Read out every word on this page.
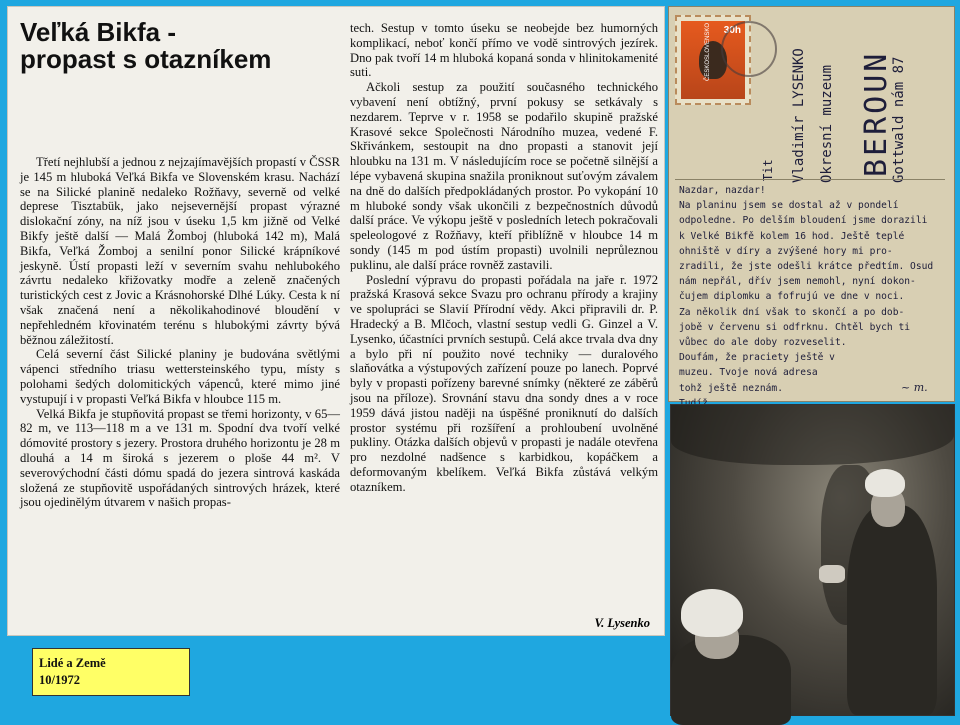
Veľká Bikfa -
propast s otazníkem

Třetí nejhlubší a jednou z nejzajímavějších propastí v ČSSR je 145 m hluboká Veľká Bikfa ve Slovenském krasu. Nachází se na Silické planině nedaleko Rožňavy, severně od velké deprese Tisztabük, jako nejsevernější propast výrazné dislokační zóny, na níž jsou v úseku 1,5 km jižně od Velké Bikfy ještě další — Malá Žomboj (hluboká 142 m), Malá Bikfa, Veľká Žomboj a senilní ponor Silické krápníkové jeskyně. Ústí propasti leží v severním svahu nehlubokého závrtu nedaleko křižovatky modře a zeleně značených turistických cest z Jovic a Krásnohorské Dlhé Lúky. Cesta k ní však značená není a několikahodinové bloudění v nepřehledném křovinatém terénu s hlubokými závrty bývá běžnou záležitostí.

Celá severní část Silické planiny je budována světlými vápenci středního triasu wettersteinského typu, místy s polohami šedých dolomitických vápenců, které mimo jiné vystupují i v propasti Veľká Bikfa v hloubce 115 m.

Velká Bikfa je stupňovitá propast se třemi horizonty, v 65—82 m, ve 113—118 m a ve 131 m. Spodní dva tvoří velké dómovité prostory s jezery. Prostora druhého horizontu je 28 m dlouhá a 14 m široká s jezerem o ploše 44 m². V severovýchodní části dómu spadá do jezera sintrová kaskáda složená ze stupňovitě uspořádaných sintrových hrázek, které jsou ojedinělým útvarem v našich propas-

tech. Sestup v tomto úseku se neobejde bez humorných komplikací, neboť končí přímo ve vodě sintrových jezírek. Dno pak tvoří 14 m hluboká kopaná sonda v hlinitokamenité suti.

Ačkoli sestup za použití současného technického vybavení není obtížný, první pokusy se setkávaly s nezdarem. Teprve v r. 1958 se podařilo skupině pražské Krasové sekce Společnosti Národního muzea, vedené F. Skřivánkem, sestoupit na dno propasti a stanovit její hloubku na 131 m. V následujícím roce se početně silnější a lépe vybavená skupina snažila proniknout suťovým závalem na dně do dalších předpokládaných prostor. Po vykopání 10 m hluboké sondy však ukončili z bezpečnostních důvodů další práce. Ve výkopu ještě v posledních letech pokračovali speleologové z Rožňavy, kteří přiblížně v hloubce 14 m sondy (145 m pod ústím propasti) uvolnili neprůleznou puklinu, ale další práce rovněž zastavili.

Poslední výpravu do propasti pořádala na jaře r. 1972 pražská Krasová sekce Svazu pro ochranu přírody a krajiny ve spolupráci se Slavií Přírodní vědy. Akci připravili dr. P. Hradecký a B. Mlčoch, vlastní sestup vedli G. Ginzel a V. Lysenko, účastníci prvních sestupů. Celá akce trvala dva dny a bylo při ní použito nové techniky — duralového slaňovátka a výstupových zařízení pouze po lanech. Poprvé byly v propasti pořízeny barevné snímky (některé ze záběrů jsou na příloze). Srovnání stavu dna sondy dnes a v roce 1959 dává jistou naději na úspěšné proniknutí do dalších prostor systému při rozšíření a prohloubení uvolněné pukliny. Otázka dalších objevů v propasti je nadále otevřena pro nezdolné nadšence s karbidkou, kopáčkem a deformovaným kbelíkem. Veľká Bikfa zůstává velkým otazníkem.

V. Lysenko
Lidé a Země
10/1972
30h
ČESKOSLOVENSKO
Tit Vladimír LYSENKO Okresní muzeum BEROUN
Gottwald nám 87
Nazdar, nazdar!
Na planinu jsem se dostal až v pondelí
odpoledne. Po delším bloudení jsme dorazili
k Velké Bikfě kolem 16 hod. Ještě teplé
ohniště v díry a zvýšené hory mi pro-
zradili, že jste odešli krátce předtím. Osud
nám nepřál, dřív jsem nemohl, nyní dokon-
čujem diplomku a fofrujú ve dne v noci.
Za několik dní však to skončí a po dob-
jobě v červenu si odfrknu. Chtěl bych ti
vůbec do ale doby rozveselit.
Doufám, že praciety ještě v
muzeu. Tvoje nová adresa
tohž ještě neznám.	~ m.
